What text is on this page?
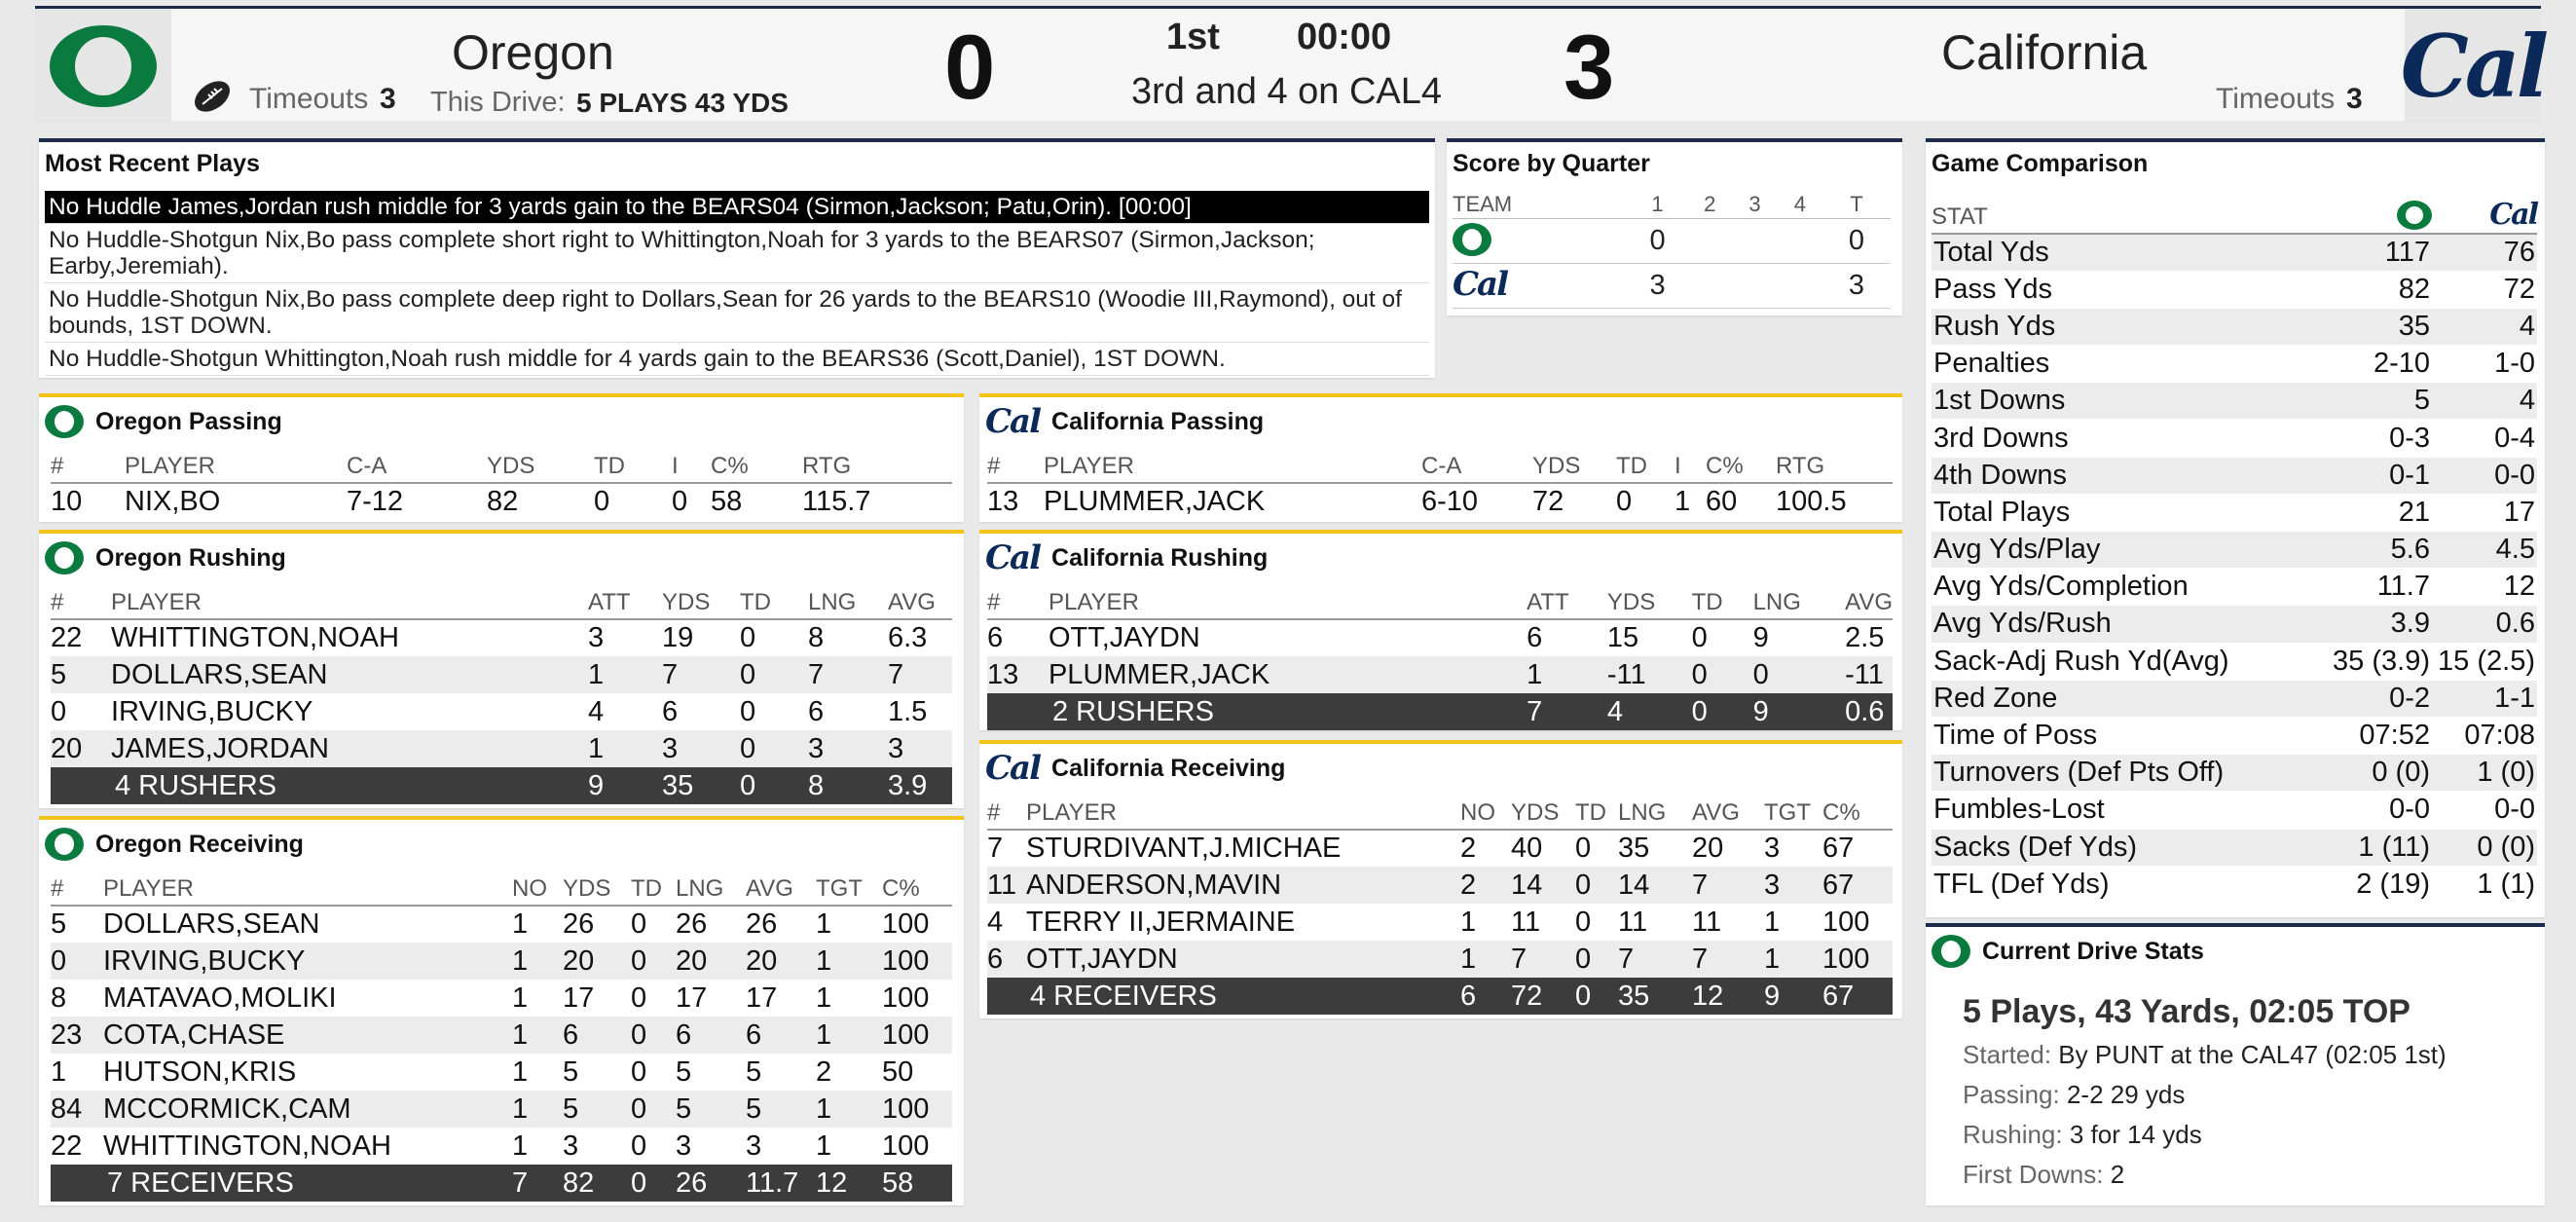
Timeouts 3
Oregon
This Drive: 5 PLAYS 43 YDS 0	1st 00:00
3rd and 4 on CAL4 3	California
Timeouts 3 Cal
Most Recent Plays
No Huddle James,Jordan rush middle for 3 yards gain to the BEARS04 (Sirmon,Jackson; Patu,Orin). [00:00]
No Huddle-Shotgun Nix,Bo pass complete short right to Whittington,Noah for 3 yards to the BEARS07 (Sirmon,Jackson; Earby,Jeremiah).
No Huddle-Shotgun Nix,Bo pass complete deep right to Dollars,Sean for 26 yards to the BEARS10 (Woodie III,Raymond), out of bounds, 1ST DOWN.
No Huddle-Shotgun Whittington,Noah rush middle for 4 yards gain to the BEARS36 (Scott,Daniel), 1ST DOWN.
Score by Quarter
TEAM	1	2	3	4	T

	0				0
Cal	3				3
Oregon Passing
#	PLAYER	C-A	YDS	TD	I	C%	RTG
10	NIX,BO	7-12	82	0	0	58	115.7
Oregon Rushing
#	PLAYER	ATT	YDS	TD	LNG	AVG
22	WHITTINGTON,NOAH	3	19	0	8	6.3
5	DOLLARS,SEAN	1	7	0	7	7
0	IRVING,BUCKY	4	6	0	6	1.5
20	JAMES,JORDAN	1	3	0	3	3
	4 RUSHERS	9	35	0	8	3.9
Oregon Receiving
#	PLAYER	NO	YDS	TD	LNG	AVG	TGT	C%
5	DOLLARS,SEAN	1	26	0	26	26	1	100
0	IRVING,BUCKY	1	20	0	20	20	1	100
8	MATAVAO,MOLIKI	1	17	0	17	17	1	100
23	COTA,CHASE	1	6	0	6	6	1	100
1	HUTSON,KRIS	1	5	0	5	5	2	50
84	MCCORMICK,CAM	1	5	0	5	5	1	100
22	WHITTINGTON,NOAH	1	3	0	3	3	1	100
	7 RECEIVERS	7	82	0	26	11.7	12	58
Cal California Passing
#	PLAYER	C-A	YDS	TD	I	C%	RTG
13	PLUMMER,JACK	6-10	72	0	1	60	100.5
Cal California Rushing
#	PLAYER	ATT	YDS	TD	LNG	AVG
6	OTT,JAYDN	6	15	0	9	2.5
13	PLUMMER,JACK	1	-11	0	0	-11
	2 RUSHERS	7	4	0	9	0.6
Cal California Receiving
#	PLAYER	NO	YDS	TD	LNG	AVG	TGT	C%
7	STURDIVANT,J.MICHAE	2	40	0	35	20	3	67
11	ANDERSON,MAVIN	2	14	0	14	7	3	67
4	TERRY II,JERMAINE	1	11	0	11	11	1	100
6	OTT,JAYDN	1	7	0	7	7	1	100
	4 RECEIVERS	6	72	0	35	12	9	67
Game Comparison
STAT		Cal
Total Yds	117	76
Pass Yds	82	72
Rush Yds	35	4
Penalties	2-10	1-0
1st Downs	5	4
3rd Downs	0-3	0-4
4th Downs	0-1	0-0
Total Plays	21	17
Avg Yds/Play	5.6	4.5
Avg Yds/Completion	11.7	12
Avg Yds/Rush	3.9	0.6
Sack-Adj Rush Yd(Avg)	35 (3.9)	15 (2.5)
Red Zone	0-2	1-1
Time of Poss	07:52	07:08
Turnovers (Def Pts Off)	0 (0)	1 (0)
Fumbles-Lost	0-0	0-0
Sacks (Def Yds)	1 (11)	0 (0)
TFL (Def Yds)	2 (19)	1 (1)
Current Drive Stats
5 Plays, 43 Yards, 02:05 TOP
Started: By PUNT at the CAL47 (02:05 1st)
Passing: 2-2 29 yds
Rushing: 3 for 14 yds
First Downs: 2
